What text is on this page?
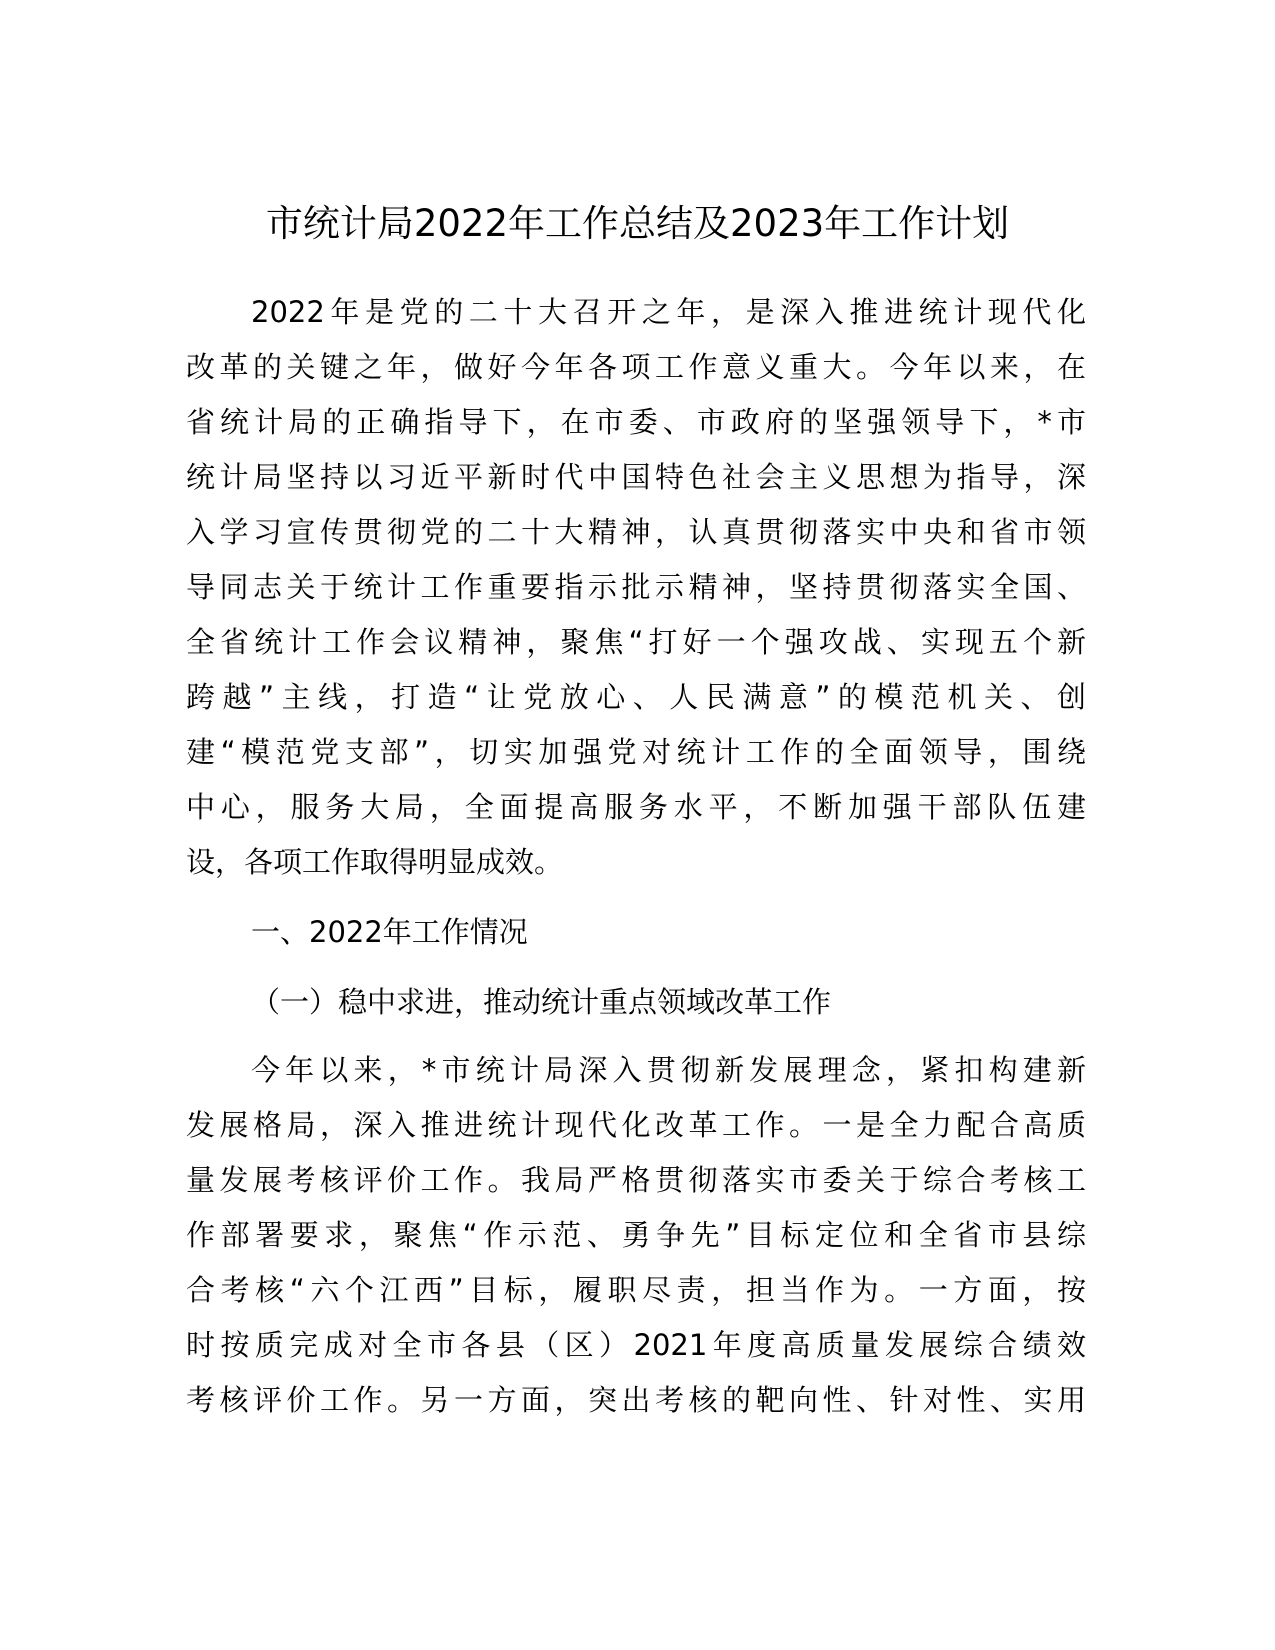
市统计局2022年工作总结及2023年工作计划

2022年是党的二十大召开之年，是深入推进统计现代化

改革的关键之年，做好今年各项工作意义重大。今年以来，在

省统计局的正确指导下，在市委、市政府的坚强领导下，*市

统计局坚持以习近平新时代中国特色社会主义思想为指导，深

入学习宣传贯彻党的二十大精神，认真贯彻落实中央和省市领

导同志关于统计工作重要指示批示精神，坚持贯彻落实全国、

全省统计工作会议精神，聚焦“打好一个强攻战、实现五个新

跨越”主线，打造“让党放心、人民满意”的模范机关、创

建“模范党支部”，切实加强党对统计工作的全面领导，围绕

中心，服务大局，全面提高服务水平，不断加强干部队伍建

设，各项工作取得明显成效。

一、2022年工作情况

（一）稳中求进，推动统计重点领域改革工作

今年以来，*市统计局深入贯彻新发展理念，紧扣构建新

发展格局，深入推进统计现代化改革工作。一是全力配合高质

量发展考核评价工作。我局严格贯彻落实市委关于综合考核工

作部署要求，聚焦“作示范、勇争先”目标定位和全省市县综

合考核“六个江西”目标，履职尽责，担当作为。一方面，按

时按质完成对全市各县（区）2021年度高质量发展综合绩效

考核评价工作。另一方面，突出考核的靶向性、针对性、实用
